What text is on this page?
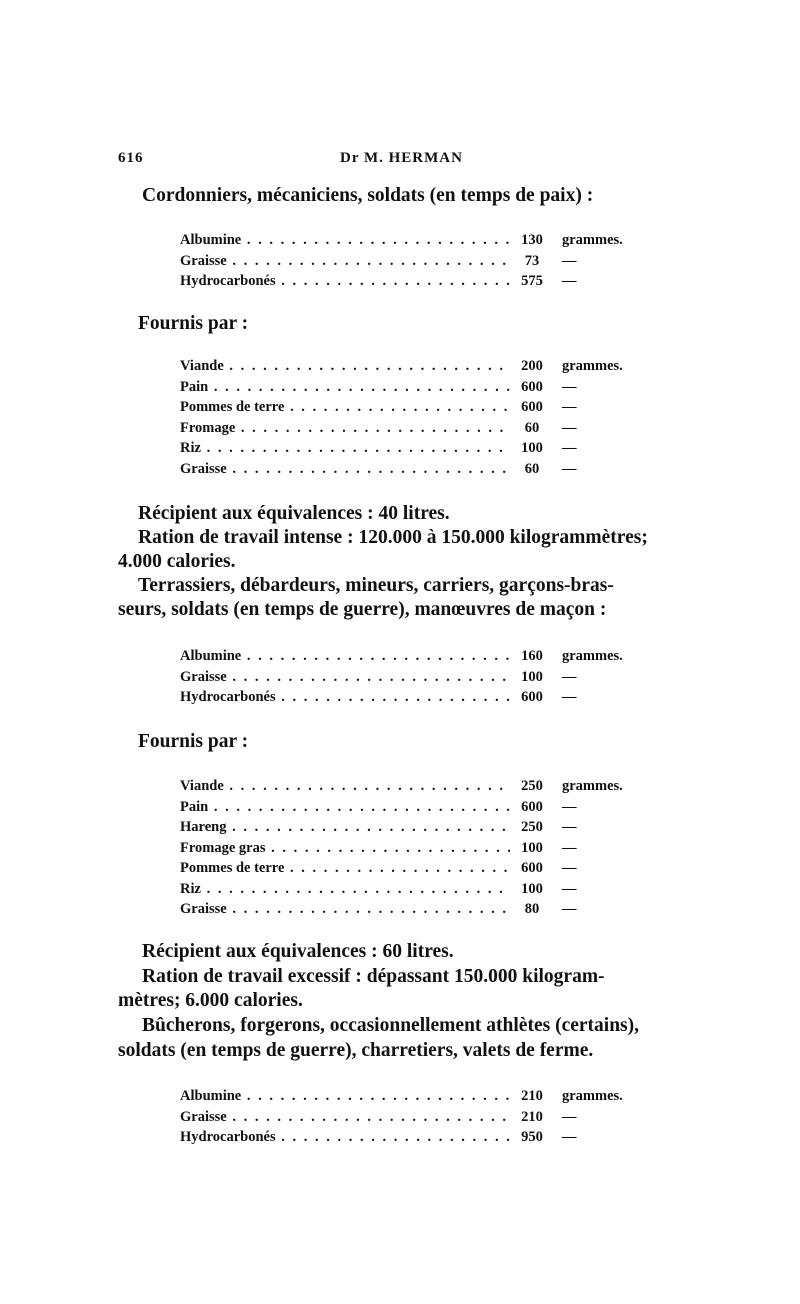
616	Dr M. HERMAN
Cordonniers, mécaniciens, soldats (en temps de paix) :
Albumine . . .	130	grammes.
Graisse . . .	73	—
Hydrocarbonés . . .	575	—
Fournis par :
Viande . . .	200	grammes.
Pain . . .	600	—
Pommes de terre . . .	600	—
Fromage . . .	60	—
Riz . . .	100	—
Graisse . . .	60	—
Récipient aux équivalences : 40 litres.
Ration de travail intense : 120.000 à 150.000 kilogrammètres;
4.000 calories.
Terrassiers, débardeurs, mineurs, carriers, garçons-bras-
seurs, soldats (en temps de guerre), manœuvres de maçon :
Albumine . . .	160	grammes.
Graisse . . .	100	—
Hydrocarbonés . . .	600	—
Fournis par :
Viande . . .	250	grammes.
Pain . . .	600	—
Hareng . . .	250	—
Fromage gras . . .	100	—
Pommes de terre . . .	600	—
Riz . . .	100	—
Graisse . . .	80	—
Récipient aux équivalences : 60 litres.
Ration de travail excessif : dépassant 150.000 kilogram-
mètres; 6.000 calories.
Bûcherons, forgerons, occasionnellement athlètes (certains),
soldats (en temps de guerre), charretiers, valets de ferme.
Albumine . . .	210	grammes.
Graisse . . .	210	—
Hydrocarbonés . . .	950	—
